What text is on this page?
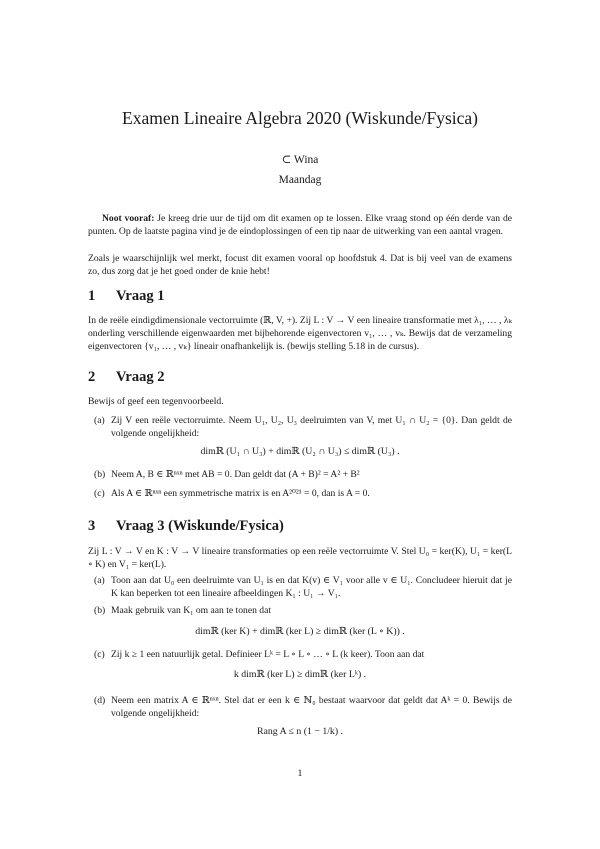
Examen Lineaire Algebra 2020 (Wiskunde/Fysica)
⊂ Wina
Maandag
Noot vooraf: Je kreeg drie uur de tijd om dit examen op te lossen. Elke vraag stond op één derde van de punten. Op de laatste pagina vind je de eindoplossingen of een tip naar de uitwerking van een aantal vragen.
Zoals je waarschijnlijk wel merkt, focust dit examen vooral op hoofdstuk 4. Dat is bij veel van de examens zo, dus zorg dat je het goed onder de knie hebt!
1 Vraag 1
In de reële eindigdimensionale vectorruimte (ℝ, V, +). Zij L : V → V een lineaire transformatie met λ₁, … , λₖ onderling verschillende eigenwaarden met bijbehorende eigenvectoren v₁, … , vₖ. Bewijs dat de verzameling eigenvectoren {v₁, … , vₖ} lineair onafhankelijk is. (bewijs stelling 5.18 in de cursus).
2 Vraag 2
Bewijs of geef een tegenvoorbeeld.
(a) Zij V een reële vectorruimte. Neem U₁, U₂, U₃ deelruimten van V, met U₁ ∩ U₂ = {0}. Dan geldt de volgende ongelijkheid:
dimℝ (U₁ ∩ U₃) + dimℝ (U₂ ∩ U₃) ≤ dimℝ (U₃) .
(b) Neem A, B ∈ ℝⁿˣⁿ met AB = 0. Dan geldt dat (A + B)² = A² + B²
(c) Als A ∈ ℝⁿˣⁿ een symmetrische matrix is en A²⁰²¹ = 0, dan is A = 0.
3 Vraag 3 (Wiskunde/Fysica)
Zij L : V → V en K : V → V lineaire transformaties op een reële vectorruimte V. Stel U₀ = ker(K), U₁ = ker(L ∘ K) en V₁ = ker(L).
(a) Toon aan dat U₀ een deelruimte van U₁ is en dat K(v) ∈ V₁ voor alle v ∈ U₁. Concludeer hieruit dat je K kan beperken tot een lineaire afbeeldingen K₁ : U₁ → V₁.
(b) Maak gebruik van K₁ om aan te tonen dat
dimℝ (ker K) + dimℝ (ker L) ≥ dimℝ (ker (L ∘ K)) .
(c) Zij k ≥ 1 een natuurlijk getal. Definieer Lᵏ = L ∘ L ∘ … ∘ L (k keer). Toon aan dat
k dimℝ (ker L) ≥ dimℝ (ker Lᵏ) .
(d) Neem een matrix A ∈ ℝⁿˣⁿ. Stel dat er een k ∈ ℕ₀ bestaat waarvoor dat geldt dat Aᵏ = 0. Bewijs de volgende ongelijkheid:
Rang A ≤ n (1 − 1/k) .
1
